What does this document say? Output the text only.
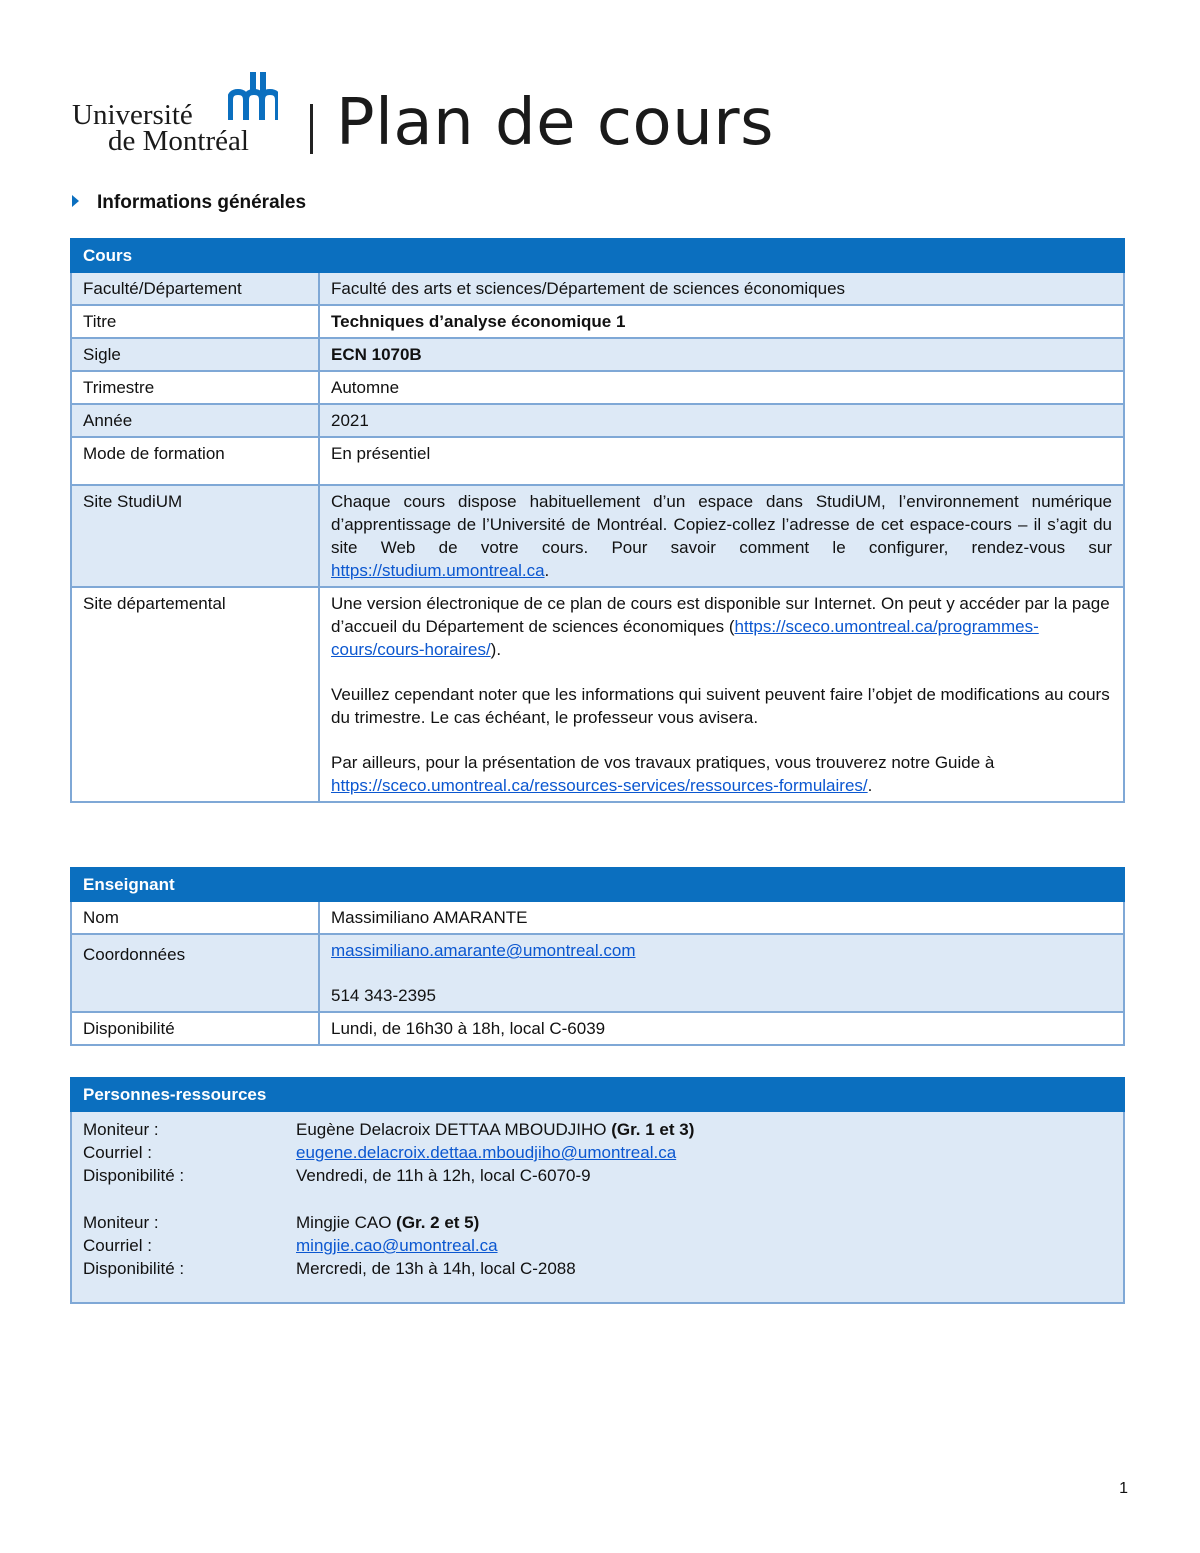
Université
de Montréal Plan de cours
Informations générales
Cours	
Faculté/Département	Faculté des arts et sciences/Département de sciences économiques
Titre	Techniques d’analyse économique 1
Sigle	ECN 1070B
Trimestre	Automne
Année	2021
Mode de formation	En présentiel
Site StudiUM	Chaque cours dispose habituellement d’un espace dans StudiUM, l’environnement numérique d’apprentissage de l’Université de Montréal. Copiez-collez l’adresse de cet espace-cours – il s’agit du site Web de votre cours. Pour savoir comment le configurer, rendez-vous sur https://studium.umontreal.ca.
Site départemental	Une version électronique de ce plan de cours est disponible sur Internet. On peut y accéder par la page d’accueil du Département de sciences économiques (https://sceco.umontreal.ca/programmes-cours/cours-horaires/).
Veuillez cependant noter que les informations qui suivent peuvent faire l’objet de modifications au cours du trimestre. Le cas échéant, le professeur vous avisera.
Par ailleurs, pour la présentation de vos travaux pratiques, vous trouverez notre Guide à https://sceco.umontreal.ca/ressources-services/ressources-formulaires/.
Enseignant	
Nom	Massimiliano AMARANTE
Coordonnées	massimiliano.amarante@umontreal.com
514 343-2395

Disponibilité	Lundi, de 16h30 à 18h, local C-6039
Personnes-ressources

Moniteur :	Eugène Delacroix DETTAA MBOUDJIHO (Gr. 1 et 3)
Courriel :	eugene.delacroix.dettaa.mboudjiho@umontreal.ca
Disponibilité :	Vendredi, de 11h à 12h, local C-6070-9
Moniteur :	Mingjie CAO (Gr. 2 et 5)
Courriel :	mingjie.cao@umontreal.ca
Disponibilité :	Mercredi, de 13h à 14h, local C-2088
1
